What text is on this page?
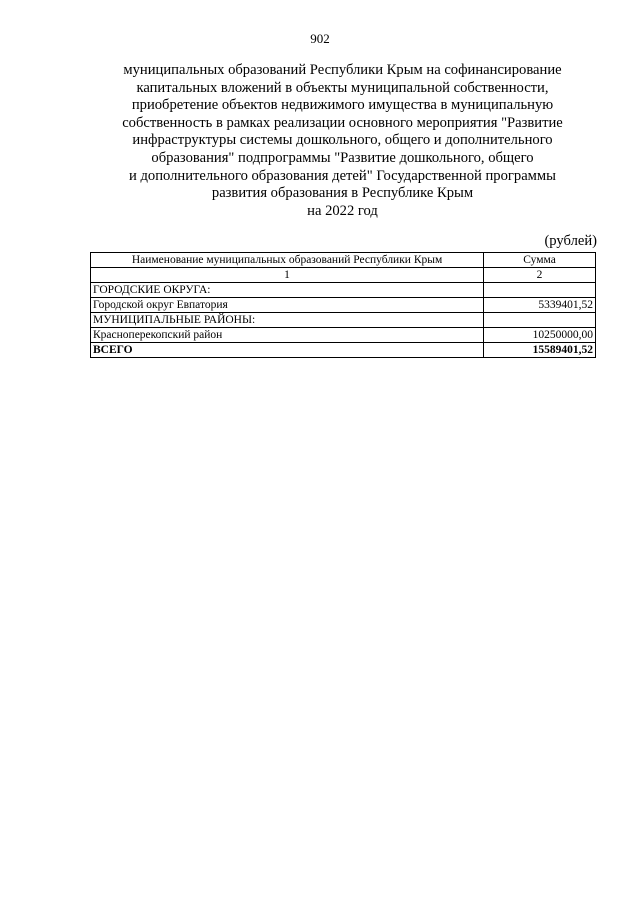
902
муниципальных образований Республики Крым на софинансирование
капитальных вложений в объекты муниципальной собственности,
приобретение объектов недвижимого имущества в муниципальную
собственность в рамках реализации основного мероприятия "Развитие
инфраструктуры системы дошкольного, общего и дополнительного
образования" подпрограммы "Развитие дошкольного, общего
и дополнительного образования детей" Государственной программы
развития образования в Республике Крым
на 2022 год
(рублей)
Наименование муниципальных образований Республики Крым	Сумма
1	2
ГОРОДСКИЕ ОКРУГА:	
Городской округ Евпатория	5339401,52
МУНИЦИПАЛЬНЫЕ РАЙОНЫ:	
Красноперекопский район	10250000,00
ВСЕГО	15589401,52
